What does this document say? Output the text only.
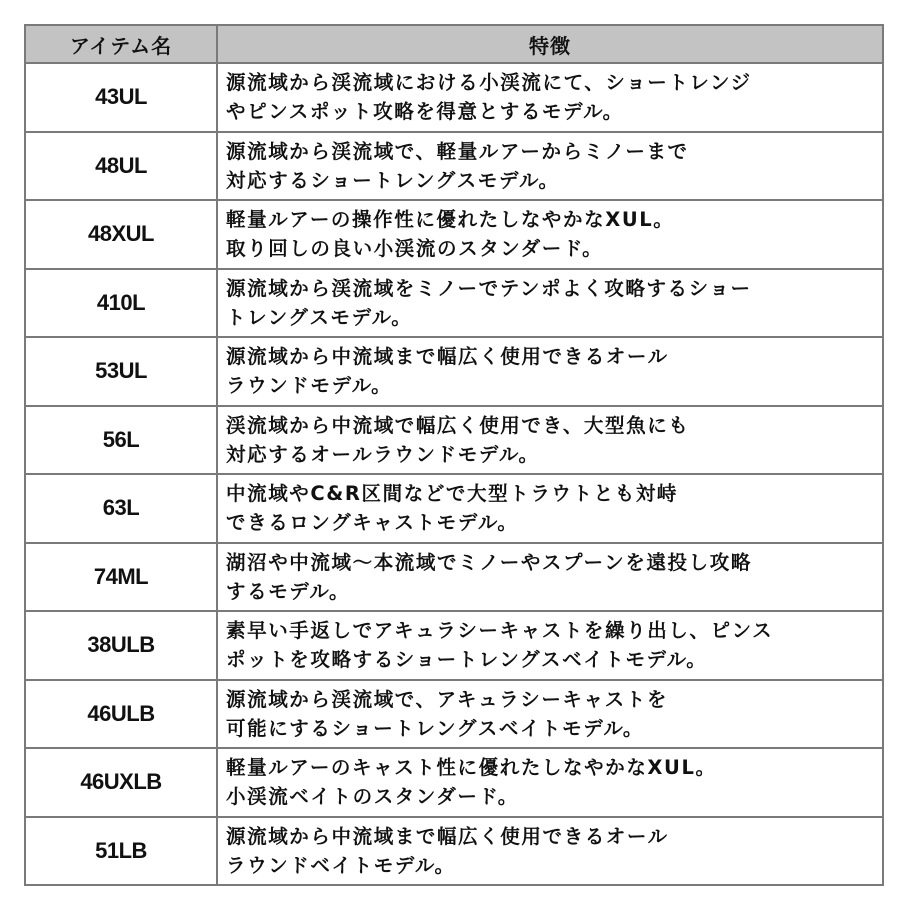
アイテム名	特徴
43UL	源流域から渓流域における小渓流にて、ショートレンジ
やピンスポット攻略を得意とするモデル。

48UL	源流域から渓流域で、軽量ルアーからミノーまで
対応するショートレングスモデル。

48XUL	軽量ルアーの操作性に優れたしなやかなXUL。
取り回しの良い小渓流のスタンダード。

410L	源流域から渓流域をミノーでテンポよく攻略するショー
トレングスモデル。

53UL	源流域から中流域まで幅広く使用できるオール
ラウンドモデル。

56L	渓流域から中流域で幅広く使用でき、大型魚にも
対応するオールラウンドモデル。

63L	中流域やC&R区間などで大型トラウトとも対峙
できるロングキャストモデル。

74ML	湖沼や中流域〜本流域でミノーやスプーンを遠投し攻略
するモデル。

38ULB	素早い手返しでアキュラシーキャストを繰り出し、ピンス
ポットを攻略するショートレングスベイトモデル。

46ULB	源流域から渓流域で、アキュラシーキャストを
可能にするショートレングスベイトモデル。

46UXLB	軽量ルアーのキャスト性に優れたしなやかなXUL。
小渓流ベイトのスタンダード。

51LB	源流域から中流域まで幅広く使用できるオール
ラウンドベイトモデル。
